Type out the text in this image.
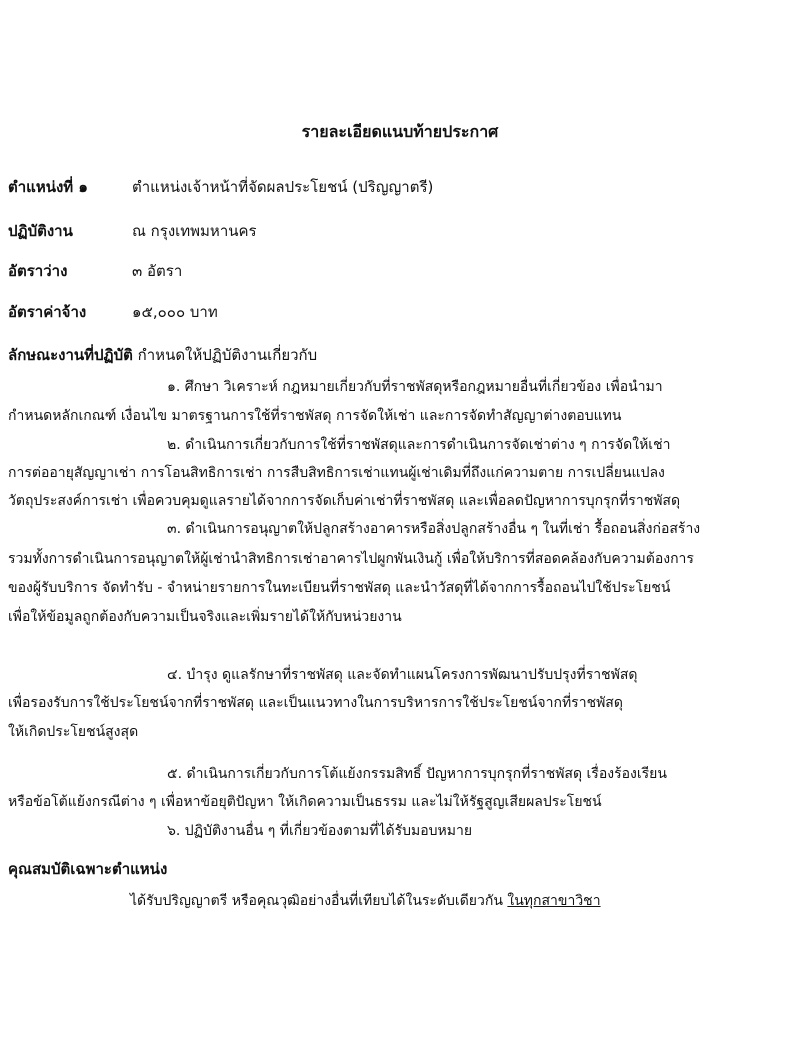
รายละเอียดแนบท้ายประกาศ
ตำแหน่งที่ ๑	ตำแหน่งเจ้าหน้าที่จัดผลประโยชน์ (ปริญญาตรี)
ปฏิบัติงาน	ณ กรุงเทพมหานคร
อัตราว่าง	๓ อัตรา
อัตราค่าจ้าง	๑๕,๐๐๐ บาท
ลักษณะงานที่ปฏิบัติ กำหนดให้ปฏิบัติงานเกี่ยวกับ
๑. ศึกษา วิเคราะห์ กฎหมายเกี่ยวกับที่ราชพัสดุหรือกฎหมายอื่นที่เกี่ยวข้อง เพื่อนำมา
กำหนดหลักเกณฑ์ เงื่อนไข มาตรฐานการใช้ที่ราชพัสดุ การจัดให้เช่า และการจัดทำสัญญาต่างตอบแทน
๒. ดำเนินการเกี่ยวกับการใช้ที่ราชพัสดุและการดำเนินการจัดเช่าต่าง ๆ การจัดให้เช่า
การต่ออายุสัญญาเช่า การโอนสิทธิการเช่า การสืบสิทธิการเช่าแทนผู้เช่าเดิมที่ถึงแก่ความตาย การเปลี่ยนแปลง
วัตถุประสงค์การเช่า เพื่อควบคุมดูแลรายได้จากการจัดเก็บค่าเช่าที่ราชพัสดุ และเพื่อลดปัญหาการบุกรุกที่ราชพัสดุ
๓. ดำเนินการอนุญาตให้ปลูกสร้างอาคารหรือสิ่งปลูกสร้างอื่น ๆ ในที่เช่า รื้อถอนสิ่งก่อสร้าง
รวมทั้งการดำเนินการอนุญาตให้ผู้เช่านำสิทธิการเช่าอาคารไปผูกพันเงินกู้ เพื่อให้บริการที่สอดคล้องกับความต้องการ
ของผู้รับบริการ จัดทำรับ - จำหน่ายรายการในทะเบียนที่ราชพัสดุ และนำวัสดุที่ได้จากการรื้อถอนไปใช้ประโยชน์
เพื่อให้ข้อมูลถูกต้องกับความเป็นจริงและเพิ่มรายได้ให้กับหน่วยงาน
๔. บำรุง ดูแลรักษาที่ราชพัสดุ และจัดทำแผนโครงการพัฒนาปรับปรุงที่ราชพัสดุ
เพื่อรองรับการใช้ประโยชน์จากที่ราชพัสดุ และเป็นแนวทางในการบริหารการใช้ประโยชน์จากที่ราชพัสดุ
ให้เกิดประโยชน์สูงสุด
๕. ดำเนินการเกี่ยวกับการโต้แย้งกรรมสิทธิ์ ปัญหาการบุกรุกที่ราชพัสดุ เรื่องร้องเรียน
หรือข้อโต้แย้งกรณีต่าง ๆ เพื่อหาข้อยุติปัญหา ให้เกิดความเป็นธรรม และไม่ให้รัฐสูญเสียผลประโยชน์
๖. ปฏิบัติงานอื่น ๆ ที่เกี่ยวข้องตามที่ได้รับมอบหมาย
คุณสมบัติเฉพาะตำแหน่ง
ได้รับปริญญาตรี หรือคุณวุฒิอย่างอื่นที่เทียบได้ในระดับเดียวกัน ในทุกสาขาวิชา
